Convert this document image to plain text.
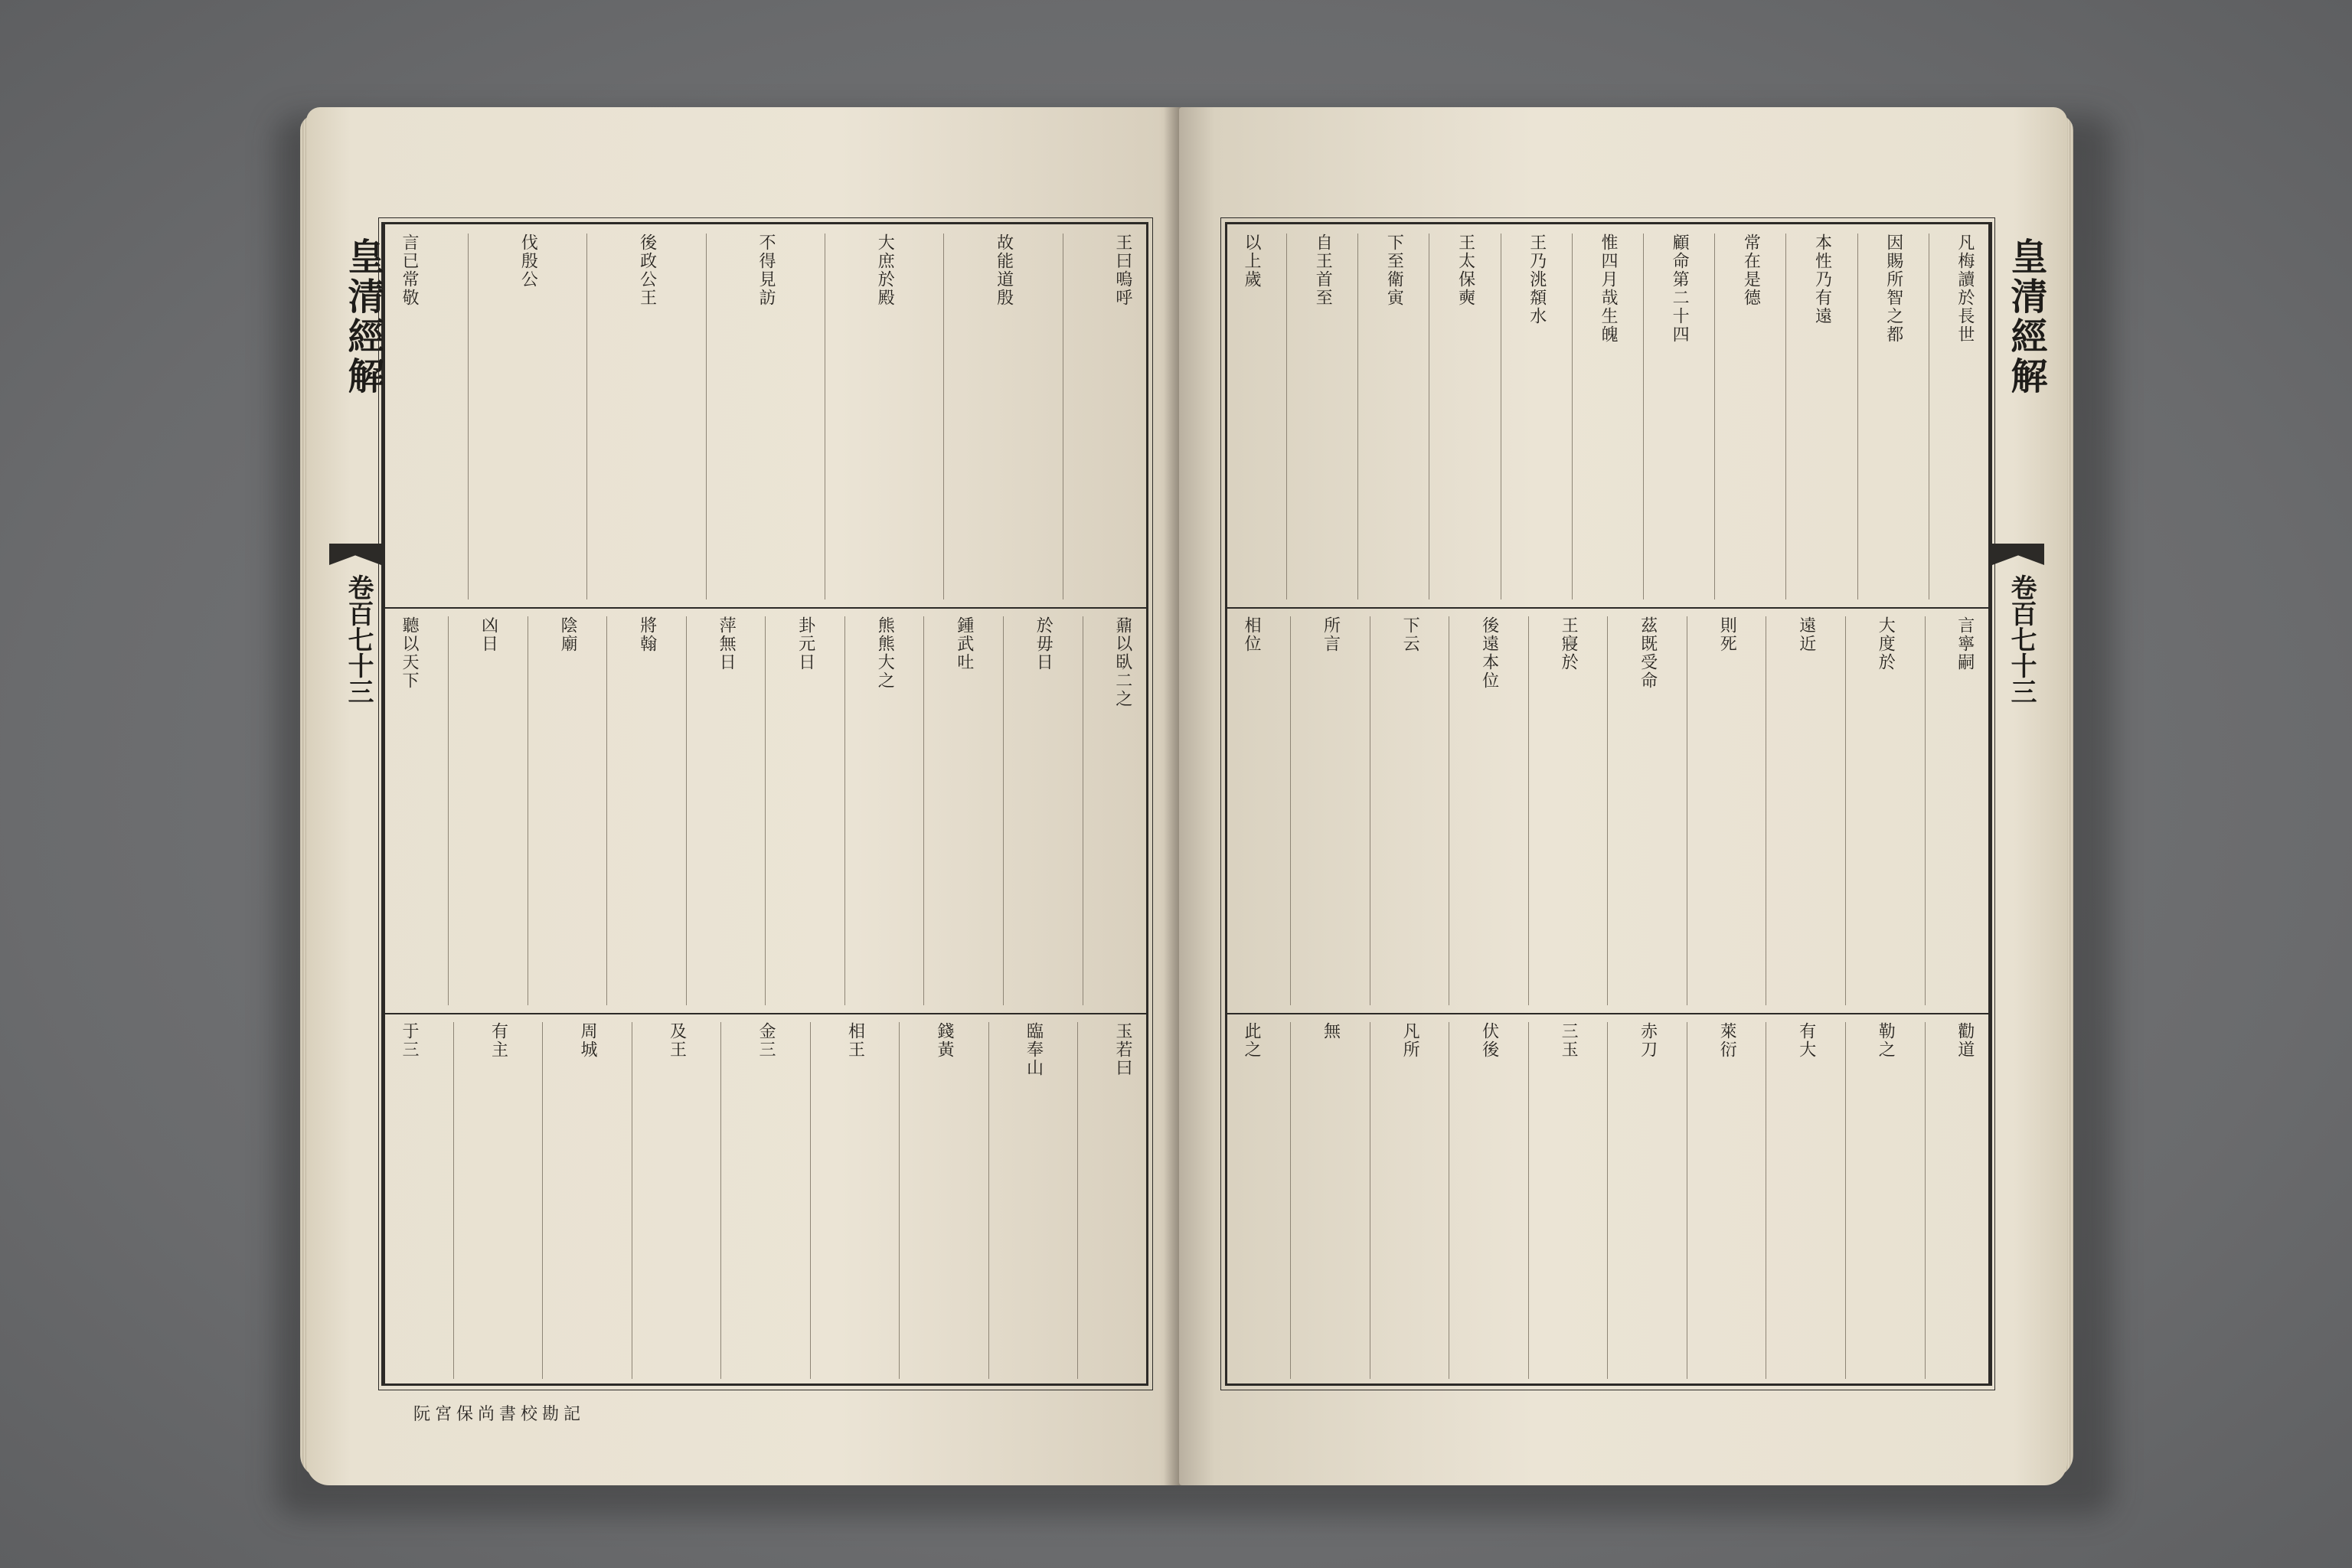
皇清經解
卷百七十三
王曰嗚呼
故能道殷
大庶於殿
不得見訪
後政公王
伐殷公
言已常敬
鼐以臥二之
於毋日
鍾武吐
熊熊大之
卦元日
萍無日
將翰
陰廟
凶日
聽以天下
玉若曰
臨奉山
錢黃
相王
金三
及王
周城
有主
于三
阮宮保尚書校勘記
凡梅讀於長世
因賜所智之都
本性乃有遠
常在是德
顧命第二十四
惟四月哉生魄
王乃洮頮水
王太保奭
下至衛寅
自王首至
以上歲
言寧嗣
大度於
遠近
則死
茲既受命
王寢於
後遠本位
下云
所言
相位
勸道
勒之
有大
萊衍
赤刀
三玉
伏後
凡所
無
此之
皇清經解
卷百七十三
